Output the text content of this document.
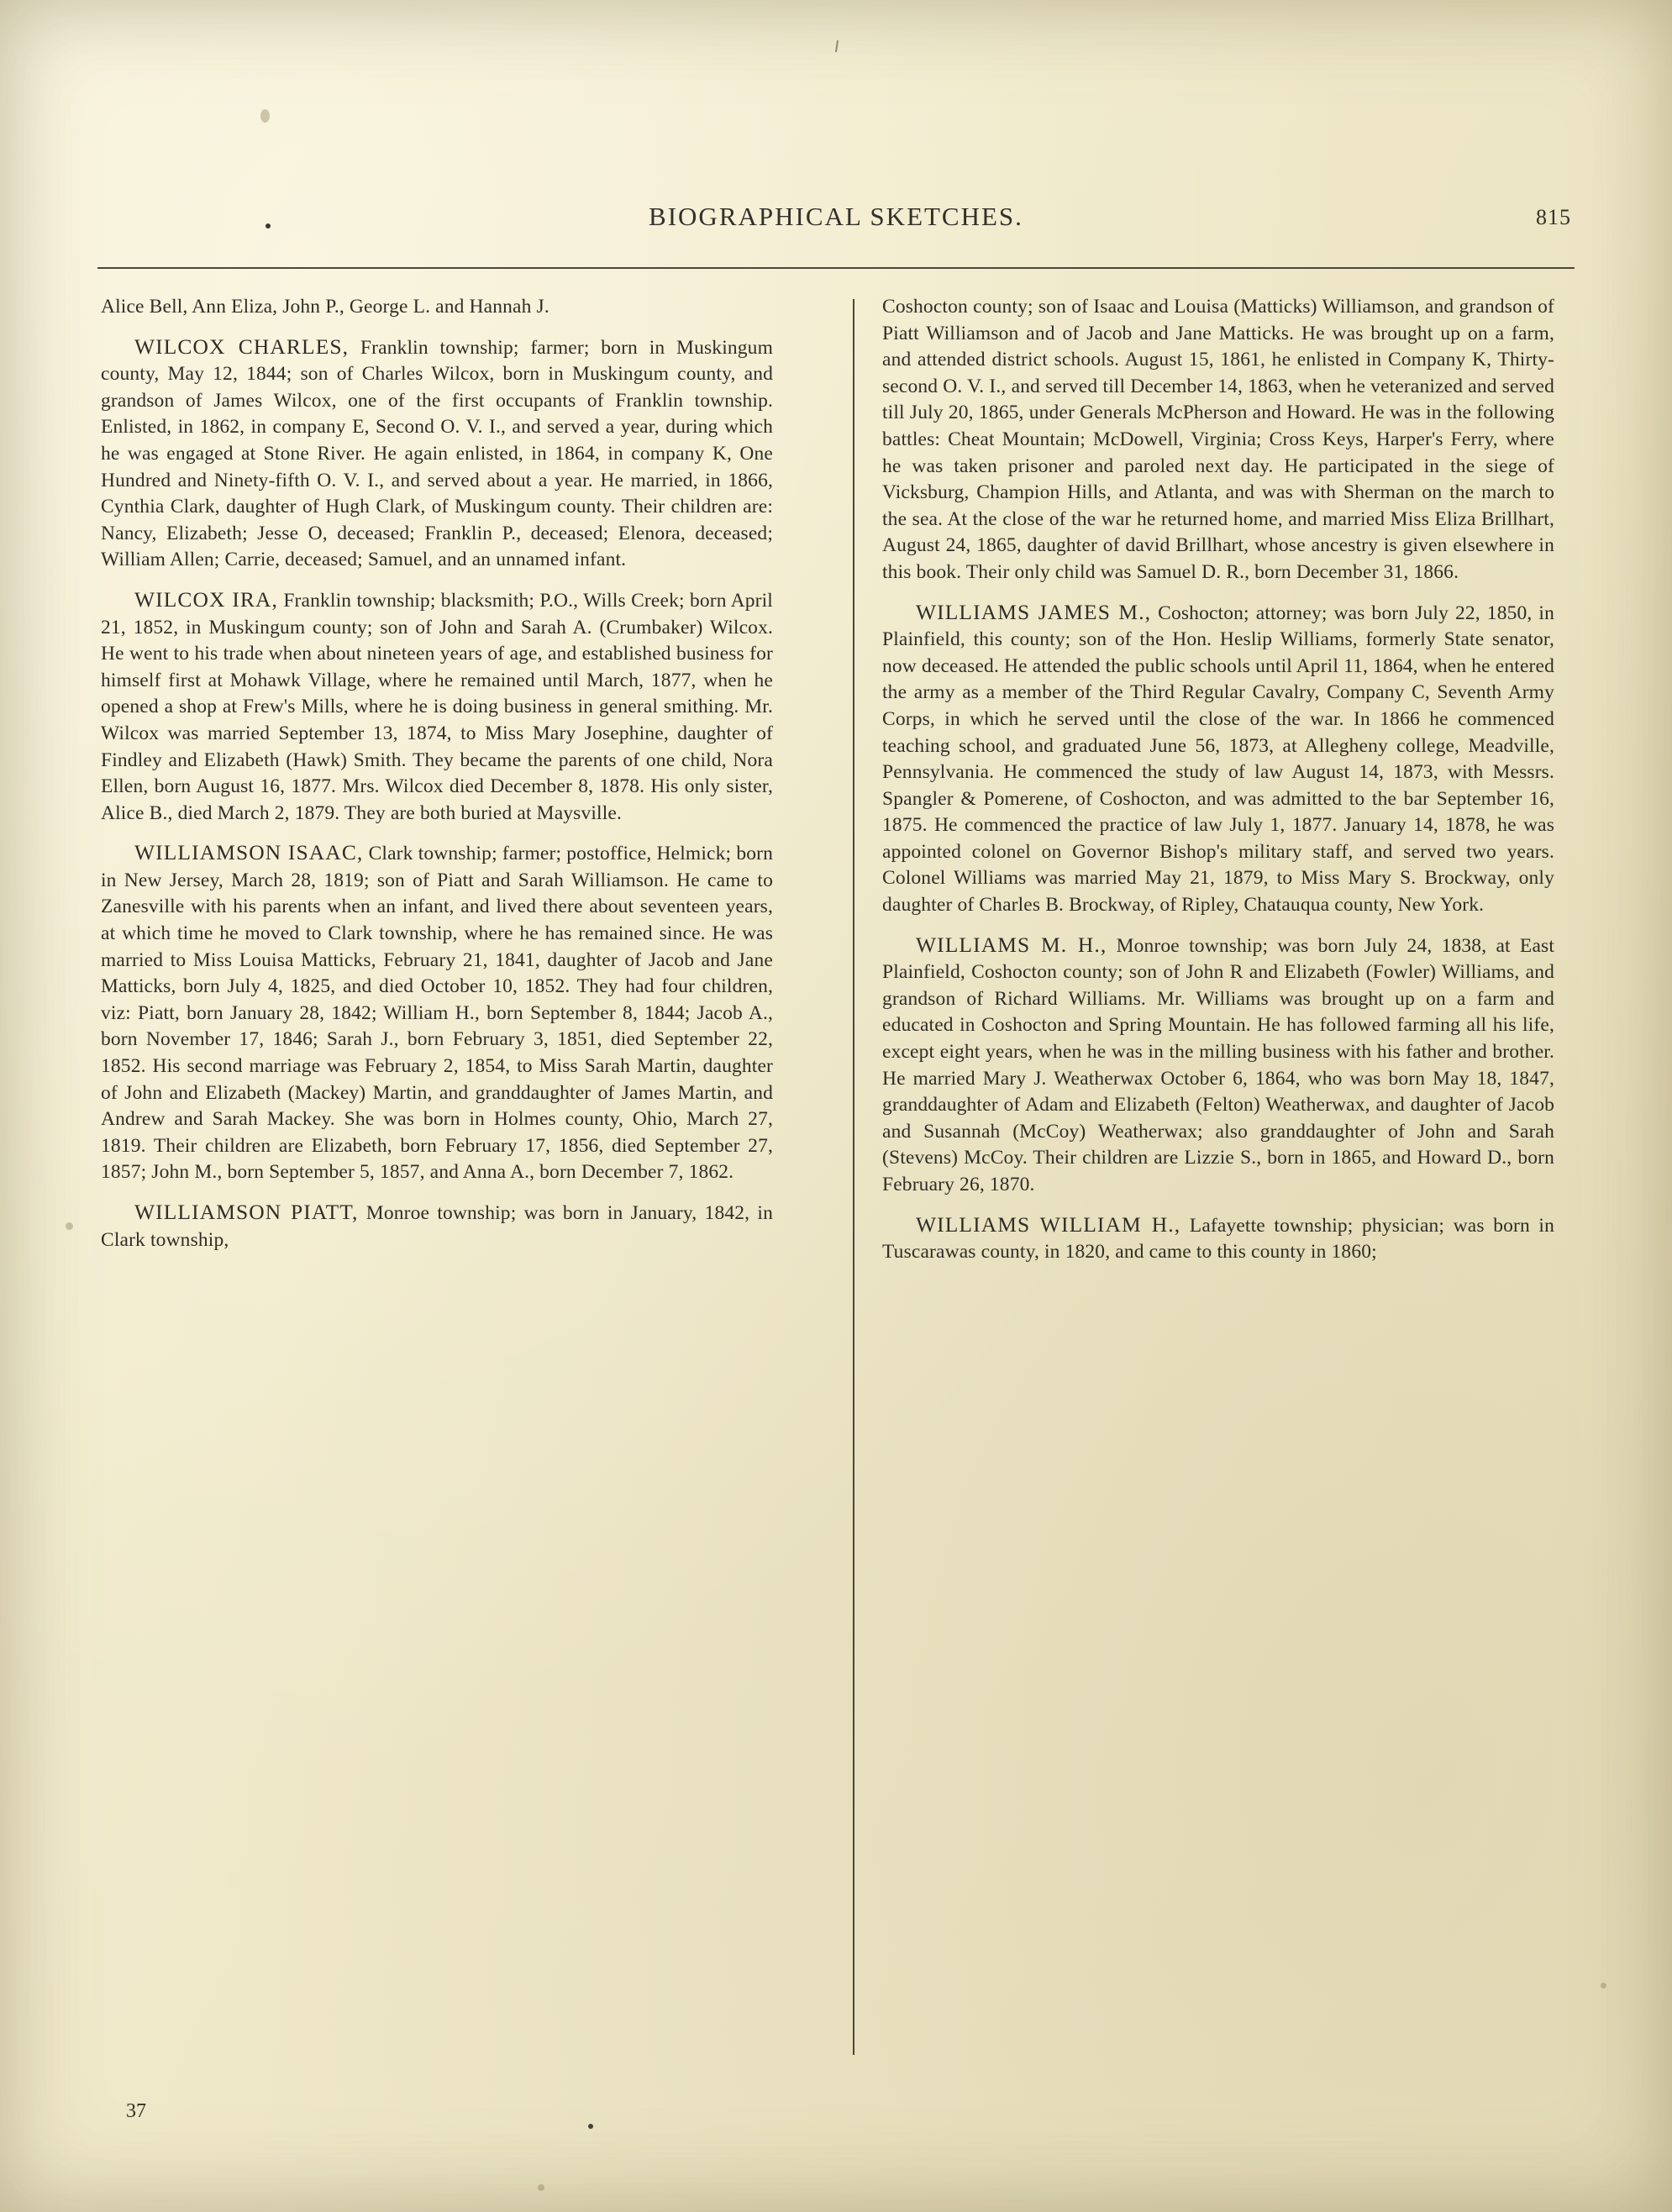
BIOGRAPHICAL SKETCHES.	815

Alice Bell, Ann Eliza, John P., George L. and Hannah J.

WILCOX CHARLES, Franklin township; farmer; born in Muskingum county, May 12, 1844; son of Charles Wilcox, born in Muskingum county, and grandson of James Wilcox, one of the first occupants of Franklin township. Enlisted, in 1862, in company E, Second O. V. I., and served a year, during which he was engaged at Stone River. He again enlisted, in 1864, in company K, One Hundred and Ninety-fifth O. V. I., and served about a year. He married, in 1866, Cynthia Clark, daughter of Hugh Clark, of Muskingum county. Their children are: Nancy, Elizabeth; Jesse O, deceased; Franklin P., deceased; Elenora, deceased; William Allen; Carrie, deceased; Samuel, and an unnamed infant.

WILCOX IRA, Franklin township; blacksmith; P.O., Wills Creek; born April 21, 1852, in Muskingum county; son of John and Sarah A. (Crumbaker) Wilcox. He went to his trade when about nineteen years of age, and established business for himself first at Mohawk Village, where he remained until March, 1877, when he opened a shop at Frew's Mills, where he is doing business in general smithing. Mr. Wilcox was married September 13, 1874, to Miss Mary Josephine, daughter of Findley and Elizabeth (Hawk) Smith. They became the parents of one child, Nora Ellen, born August 16, 1877. Mrs. Wilcox died December 8, 1878. His only sister, Alice B., died March 2, 1879. They are both buried at Maysville.

WILLIAMSON ISAAC, Clark township; farmer; postoffice, Helmick; born in New Jersey, March 28, 1819; son of Piatt and Sarah Williamson. He came to Zanesville with his parents when an infant, and lived there about seventeen years, at which time he moved to Clark township, where he has remained since. He was married to Miss Louisa Matticks, February 21, 1841, daughter of Jacob and Jane Matticks, born July 4, 1825, and died October 10, 1852. They had four children, viz: Piatt, born January 28, 1842; William H., born September 8, 1844; Jacob A., born November 17, 1846; Sarah J., born February 3, 1851, died September 22, 1852. His second marriage was February 2, 1854, to Miss Sarah Martin, daughter of John and Elizabeth (Mackey) Martin, and granddaughter of James Martin, and Andrew and Sarah Mackey. She was born in Holmes county, Ohio, March 27, 1819. Their children are Elizabeth, born February 17, 1856, died September 27, 1857; John M., born September 5, 1857, and Anna A., born December 7, 1862.

WILLIAMSON PIATT, Monroe township; was born in January, 1842, in Clark township,

Coshocton county; son of Isaac and Louisa (Matticks) Williamson, and grandson of Piatt Williamson and of Jacob and Jane Matticks. He was brought up on a farm, and attended district schools. August 15, 1861, he enlisted in Company K, Thirty-second O. V. I., and served till December 14, 1863, when he veteranized and served till July 20, 1865, under Generals McPherson and Howard. He was in the following battles: Cheat Mountain; McDowell, Virginia; Cross Keys, Harper's Ferry, where he was taken prisoner and paroled next day. He participated in the siege of Vicksburg, Champion Hills, and Atlanta, and was with Sherman on the march to the sea. At the close of the war he returned home, and married Miss Eliza Brillhart, August 24, 1865, daughter of david Brillhart, whose ancestry is given elsewhere in this book. Their only child was Samuel D. R., born December 31, 1866.

WILLIAMS JAMES M., Coshocton; attorney; was born July 22, 1850, in Plainfield, this county; son of the Hon. Heslip Williams, formerly State senator, now deceased. He attended the public schools until April 11, 1864, when he entered the army as a member of the Third Regular Cavalry, Company C, Seventh Army Corps, in which he served until the close of the war. In 1866 he commenced teaching school, and graduated June 56, 1873, at Allegheny college, Meadville, Pennsylvania. He commenced the study of law August 14, 1873, with Messrs. Spangler & Pomerene, of Coshocton, and was admitted to the bar September 16, 1875. He commenced the practice of law July 1, 1877. January 14, 1878, he was appointed colonel on Governor Bishop's military staff, and served two years. Colonel Williams was married May 21, 1879, to Miss Mary S. Brockway, only daughter of Charles B. Brockway, of Ripley, Chatauqua county, New York.

WILLIAMS M. H., Monroe township; was born July 24, 1838, at East Plainfield, Coshocton county; son of John R and Elizabeth (Fowler) Williams, and grandson of Richard Williams. Mr. Williams was brought up on a farm and educated in Coshocton and Spring Mountain. He has followed farming all his life, except eight years, when he was in the milling business with his father and brother. He married Mary J. Weatherwax October 6, 1864, who was born May 18, 1847, granddaughter of Adam and Elizabeth (Felton) Weatherwax, and daughter of Jacob and Susannah (McCoy) Weatherwax; also granddaughter of John and Sarah (Stevens) McCoy. Their children are Lizzie S., born in 1865, and Howard D., born February 26, 1870.

WILLIAMS WILLIAM H., Lafayette township; physician; was born in Tuscarawas county, in 1820, and came to this county in 1860;

37
